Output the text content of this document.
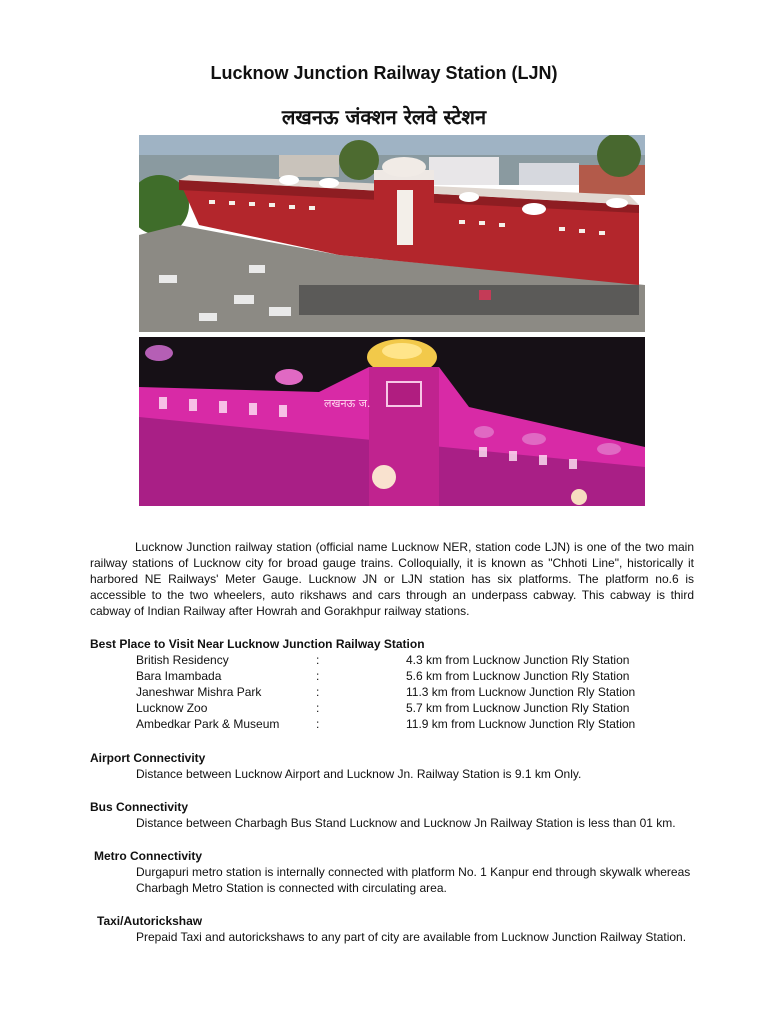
Lucknow Junction Railway Station (LJN)
लखनऊ जंक्शन रेलवे स्टेशन
लखनऊ ज.

Lucknow Junction railway station (official name Lucknow NER, station code LJN) is one of the two main railway stations of Lucknow city for broad gauge trains. Colloquially, it is known as "Chhoti Line", historically it harbored NE Railways' Meter Gauge. Lucknow JN or LJN station has six platforms. The platform no.6 is accessible to the two wheelers, auto rikshaws and cars through an underpass cabway. This cabway is third cabway of Indian Railway after Howrah and Gorakhpur railway stations.

Best Place to Visit Near Lucknow Junction Railway Station
British Residency	:	4.3 km from Lucknow Junction Rly Station
Bara Imambada	:	5.6 km from Lucknow Junction Rly Station
Janeshwar Mishra Park	:	11.3 km from Lucknow Junction Rly Station
Lucknow Zoo	:	5.7 km from Lucknow Junction Rly Station
Ambedkar Park & Museum	:	11.9 km from Lucknow Junction Rly Station
Airport Connectivity

Distance between Lucknow Airport and Lucknow Jn. Railway Station is 9.1 km Only.

Bus Connectivity

Distance between Charbagh Bus Stand Lucknow and Lucknow Jn Railway Station is less than 01 km.

Metro Connectivity

Durgapuri metro station is internally connected with platform No. 1 Kanpur end through skywalk whereas Charbagh Metro Station is connected with circulating area.

Taxi/Autorickshaw

Prepaid Taxi and autorickshaws to any part of city are available from Lucknow Junction Railway Station.
